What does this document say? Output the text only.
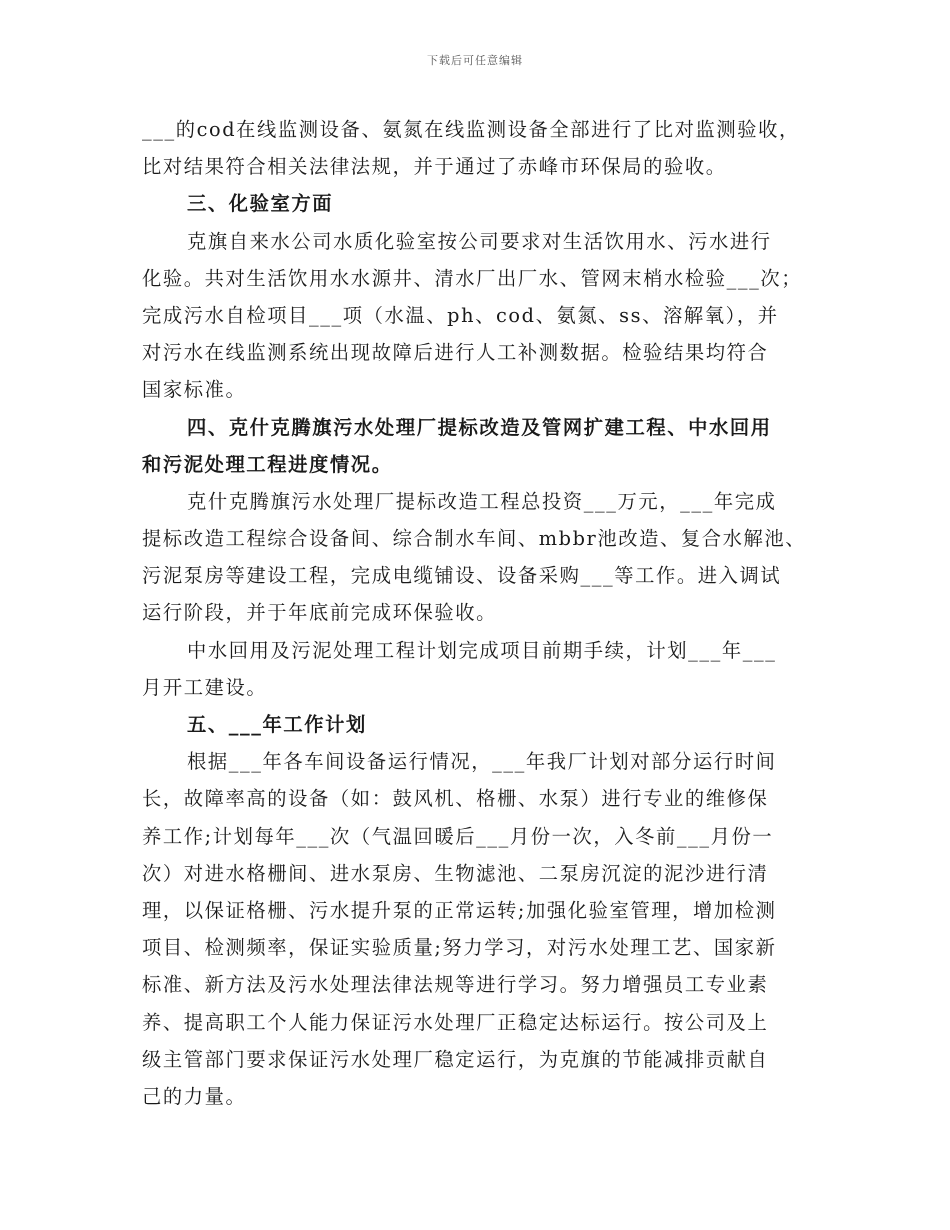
下载后可任意编辑
___的cod在线监测设备、氨氮在线监测设备全部进行了比对监测验收，
比对结果符合相关法律法规，并于通过了赤峰市环保局的验收。
三、化验室方面
克旗自来水公司水质化验室按公司要求对生活饮用水、污水进行
化验。共对生活饮用水水源井、清水厂出厂水、管网末梢水检验___次；
完成污水自检项目___项（水温、ph、cod、氨氮、ss、溶解氧），并
对污水在线监测系统出现故障后进行人工补测数据。检验结果均符合
国家标准。
四、克什克腾旗污水处理厂提标改造及管网扩建工程、中水回用
和污泥处理工程进度情况。
克什克腾旗污水处理厂提标改造工程总投资___万元，___年完成
提标改造工程综合设备间、综合制水车间、mbbr池改造、复合水解池、
污泥泵房等建设工程，完成电缆铺设、设备采购___等工作。进入调试
运行阶段，并于年底前完成环保验收。
中水回用及污泥处理工程计划完成项目前期手续，计划___年___
月开工建设。
五、___年工作计划
根据___年各车间设备运行情况，___年我厂计划对部分运行时间
长，故障率高的设备（如：鼓风机、格栅、水泵）进行专业的维修保
养工作;计划每年___次（气温回暖后___月份一次，入冬前___月份一
次）对进水格栅间、进水泵房、生物滤池、二泵房沉淀的泥沙进行清
理，以保证格栅、污水提升泵的正常运转;加强化验室管理，增加检测
项目、检测频率，保证实验质量;努力学习，对污水处理工艺、国家新
标准、新方法及污水处理法律法规等进行学习。努力增强员工专业素
养、提高职工个人能力保证污水处理厂正稳定达标运行。按公司及上
级主管部门要求保证污水处理厂稳定运行，为克旗的节能减排贡献自
己的力量。
